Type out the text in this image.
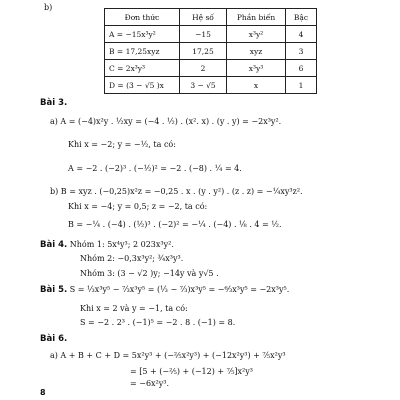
b)
Đơn thức	Hệ số	Phần biến	Bậc
A = −15x³y²	−15	x³y²	4
B = 17,25xyz	17,25	xyz	3
C = 2x³y³	2	x³y³	6
D = (3 − √5 )x	3 − √5	x	1
Bài 3.
a) A = (−4)x²y . ½xy = (−4 . ½) . (x². x) . (y . y) = −2x³y².
Khi x = −2; y = −½, ta có:
A = −2 . (−2)³ . (−½)² = −2 . (−8) . ¼ = 4.
b) B = xyz . (−0,25)x²z = −0,25 . x . (y . y²) . (z . z) = −¼xy³z².
Khi x = −4; y = 0,5; z = −2, ta có:
B = −¼ . (−4) . (½)³ . (−2)² = −¼ . (−4) . ⅛ . 4 = ½.
Bài 4. Nhóm 1: 5x⁴y³; 2 023x³y².
Nhóm 2: −0,3x³y²; ¾x³y³.
Nhóm 3: (3 − √2 )y; −14y và y√5 .
Bài 5. S = ⅓x³y⁵ − ⁷⁄₃x³y⁵ = (⅓ − ⁷⁄₃)x³y⁵ = −⁶⁄₃x³y⁵ = −2x³y⁵.
Khi x = 2 và y = −1, ta có:
S = −2 . 2³ . (−1)⁵ = −2 . 8 . (−1) = 8.
Bài 6.
a) A + B + C + D = 5x²y³ + (−⅖x²y³) + (−12x²y³) + ⁷⁄₅x²y³
= [5 + (−⅖) + (−12) + ⁷⁄₅]x²y³
= −6x²y³.
8
